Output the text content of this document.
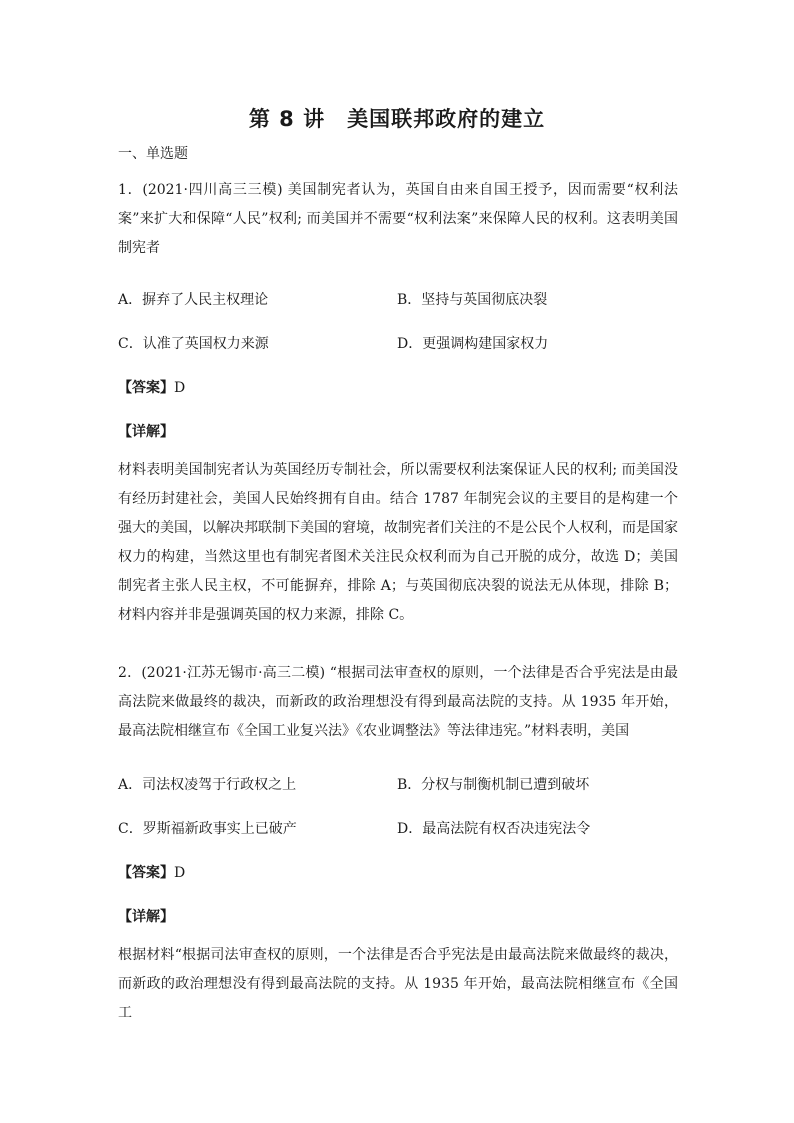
第 8 讲　美国联邦政府的建立
一、单选题
1．(2021·四川高三三模) 美国制宪者认为，英国自由来自国王授予，因而需要“权利法案”来扩大和保障“人民”权利; 而美国并不需要“权利法案”来保障人民的权利。这表明美国制宪者
A．摒弃了人民主权理论	B．坚持与英国彻底决裂
C．认准了英国权力来源	D．更强调构建国家权力
【答案】D
【详解】
材料表明美国制宪者认为英国经历专制社会，所以需要权利法案保证人民的权利; 而美国没有经历封建社会，美国人民始终拥有自由。结合 1787 年制宪会议的主要目的是构建一个强大的美国，以解决邦联制下美国的窘境，故制宪者们关注的不是公民个人权利，而是国家权力的构建，当然这里也有制宪者图术关注民众权利而为自己开脱的成分，故选 D；美国制宪者主张人民主权，不可能摒弃，排除 A；与英国彻底决裂的说法无从体现，排除 B；材料内容并非是强调英国的权力来源，排除 C。
2．(2021·江苏无锡市·高三二模) “根据司法审查权的原则，一个法律是否合乎宪法是由最高法院来做最终的裁决，而新政的政治理想没有得到最高法院的支持。从 1935 年开始，最高法院相继宣布《全国工业复兴法》《农业调整法》等法律违宪。”材料表明，美国
A．司法权凌驾于行政权之上	B．分权与制衡机制已遭到破坏
C．罗斯福新政事实上已破产	D．最高法院有权否决违宪法令
【答案】D
【详解】
根据材料“根据司法审查权的原则，一个法律是否合乎宪法是由最高法院来做最终的裁决，而新政的政治理想没有得到最高法院的支持。从 1935 年开始，最高法院相继宣布《全国工
